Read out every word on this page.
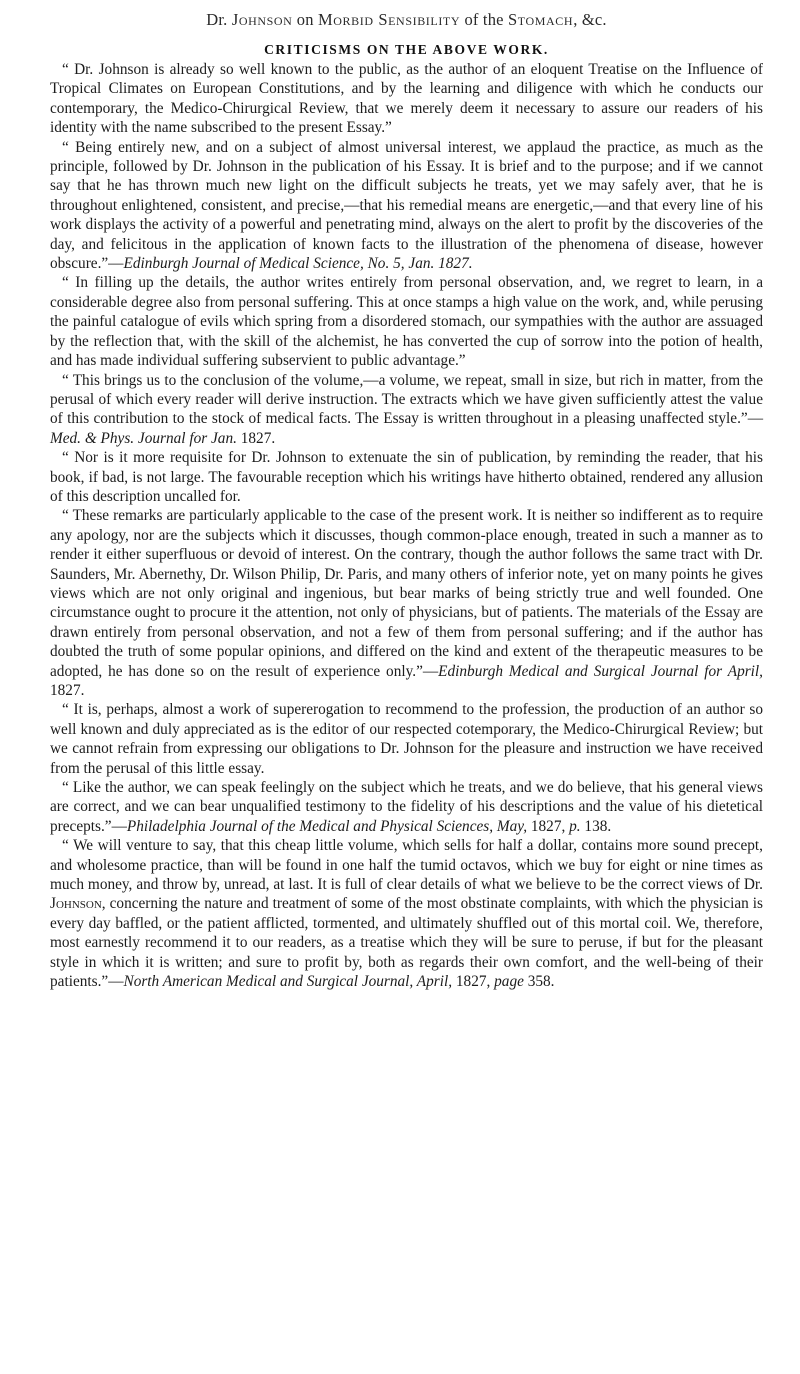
Dr. Johnson on Morbid Sensibility of the Stomach, &c.
CRITICISMS ON THE ABOVE WORK.

“ Dr. Johnson is already so well known to the public, as the author of an eloquent Treatise on the Influence of Tropical Climates on European Constitutions, and by the learning and diligence with which he conducts our contemporary, the Medico-Chirurgical Review, that we merely deem it necessary to assure our readers of his identity with the name subscribed to the present Essay.”

“ Being entirely new, and on a subject of almost universal interest, we applaud the practice, as much as the principle, followed by Dr. Johnson in the publication of his Essay. It is brief and to the purpose; and if we cannot say that he has thrown much new light on the difficult subjects he treats, yet we may safely aver, that he is throughout enlightened, consistent, and precise,—that his remedial means are energetic,—and that every line of his work displays the activity of a powerful and penetrating mind, always on the alert to profit by the discoveries of the day, and felicitous in the application of known facts to the illustration of the phenomena of disease, however obscure.”—Edinburgh Journal of Medical Science, No. 5, Jan. 1827.

“ In filling up the details, the author writes entirely from personal observation, and, we regret to learn, in a considerable degree also from personal suffering. This at once stamps a high value on the work, and, while perusing the painful catalogue of evils which spring from a disordered stomach, our sympathies with the author are assuaged by the reflection that, with the skill of the alchemist, he has converted the cup of sorrow into the potion of health, and has made individual suffering subservient to public advantage.”

“ This brings us to the conclusion of the volume,—a volume, we repeat, small in size, but rich in matter, from the perusal of which every reader will derive instruction. The extracts which we have given sufficiently attest the value of this contribution to the stock of medical facts. The Essay is written throughout in a pleasing unaffected style.”—Med. & Phys. Journal for Jan. 1827.

“ Nor is it more requisite for Dr. Johnson to extenuate the sin of publication, by reminding the reader, that his book, if bad, is not large. The favourable reception which his writings have hitherto obtained, rendered any allusion of this description uncalled for.

“ These remarks are particularly applicable to the case of the present work. It is neither so indifferent as to require any apology, nor are the subjects which it discusses, though common-place enough, treated in such a manner as to render it either superfluous or devoid of interest. On the contrary, though the author follows the same tract with Dr. Saunders, Mr. Abernethy, Dr. Wilson Philip, Dr. Paris, and many others of inferior note, yet on many points he gives views which are not only original and ingenious, but bear marks of being strictly true and well founded. One circumstance ought to procure it the attention, not only of physicians, but of patients. The materials of the Essay are drawn entirely from personal observation, and not a few of them from personal suffering; and if the author has doubted the truth of some popular opinions, and differed on the kind and extent of the therapeutic measures to be adopted, he has done so on the result of experience only.”—Edinburgh Medical and Surgical Journal for April, 1827.

“ It is, perhaps, almost a work of supererogation to recommend to the profession, the production of an author so well known and duly appreciated as is the editor of our respected cotemporary, the Medico-Chirurgical Review; but we cannot refrain from expressing our obligations to Dr. Johnson for the pleasure and instruction we have received from the perusal of this little essay.

“ Like the author, we can speak feelingly on the subject which he treats, and we do believe, that his general views are correct, and we can bear unqualified testimony to the fidelity of his descriptions and the value of his dietetical precepts.”—Philadelphia Journal of the Medical and Physical Sciences, May, 1827, p. 138.

“ We will venture to say, that this cheap little volume, which sells for half a dollar, contains more sound precept, and wholesome practice, than will be found in one half the tumid octavos, which we buy for eight or nine times as much money, and throw by, unread, at last. It is full of clear details of what we believe to be the correct views of Dr. Johnson, concerning the nature and treatment of some of the most obstinate complaints, with which the physician is every day baffled, or the patient afflicted, tormented, and ultimately shuffled out of this mortal coil. We, therefore, most earnestly recommend it to our readers, as a treatise which they will be sure to peruse, if but for the pleasant style in which it is written; and sure to profit by, both as regards their own comfort, and the well-being of their patients.”—North American Medical and Surgical Journal, April, 1827, page 358.
